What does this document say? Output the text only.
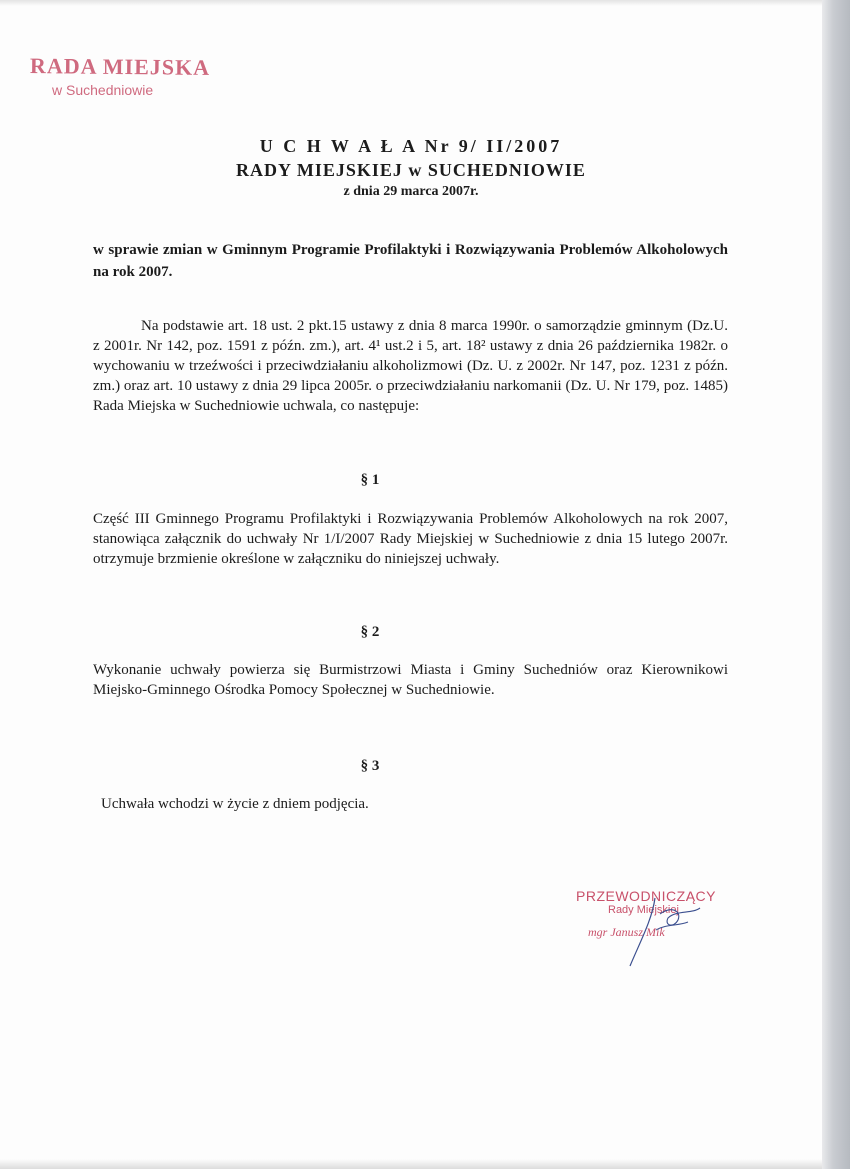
RADA MIEJSKA
w Suchedniowie
U C H W A Ł A Nr 9/ II/2007
RADY MIEJSKIEJ w SUCHEDNIOWIE
z dnia 29 marca 2007r.
w sprawie zmian w Gminnym Programie Profilaktyki i Rozwiązywania Problemów Alkoholowych na rok 2007.
Na podstawie art. 18 ust. 2 pkt.15 ustawy z dnia 8 marca 1990r. o samorządzie gminnym (Dz.U. z 2001r. Nr 142, poz. 1591 z późn. zm.), art. 4¹ ust.2 i 5, art. 18² ustawy z dnia 26 października 1982r. o wychowaniu w trzeźwości i przeciwdziałaniu alkoholizmowi (Dz. U. z 2002r. Nr 147, poz. 1231 z późn. zm.) oraz art. 10 ustawy z dnia 29 lipca 2005r. o przeciwdziałaniu narkomanii (Dz. U. Nr 179, poz. 1485) Rada Miejska w Suchedniowie uchwala, co następuje:
§ 1
Część III Gminnego Programu Profilaktyki i Rozwiązywania Problemów Alkoholowych na rok 2007, stanowiąca załącznik do uchwały Nr 1/I/2007 Rady Miejskiej w Suchedniowie z dnia 15 lutego 2007r. otrzymuje brzmienie określone w załączniku do niniejszej uchwały.
§ 2
Wykonanie uchwały powierza się Burmistrzowi Miasta i Gminy Suchedniów oraz Kierownikowi Miejsko-Gminnego Ośrodka Pomocy Społecznej w Suchedniowie.
§ 3
Uchwała wchodzi w życie z dniem podjęcia.
PRZEWODNICZĄCY
Rady Miejskiej
mgr Janusz Mik
